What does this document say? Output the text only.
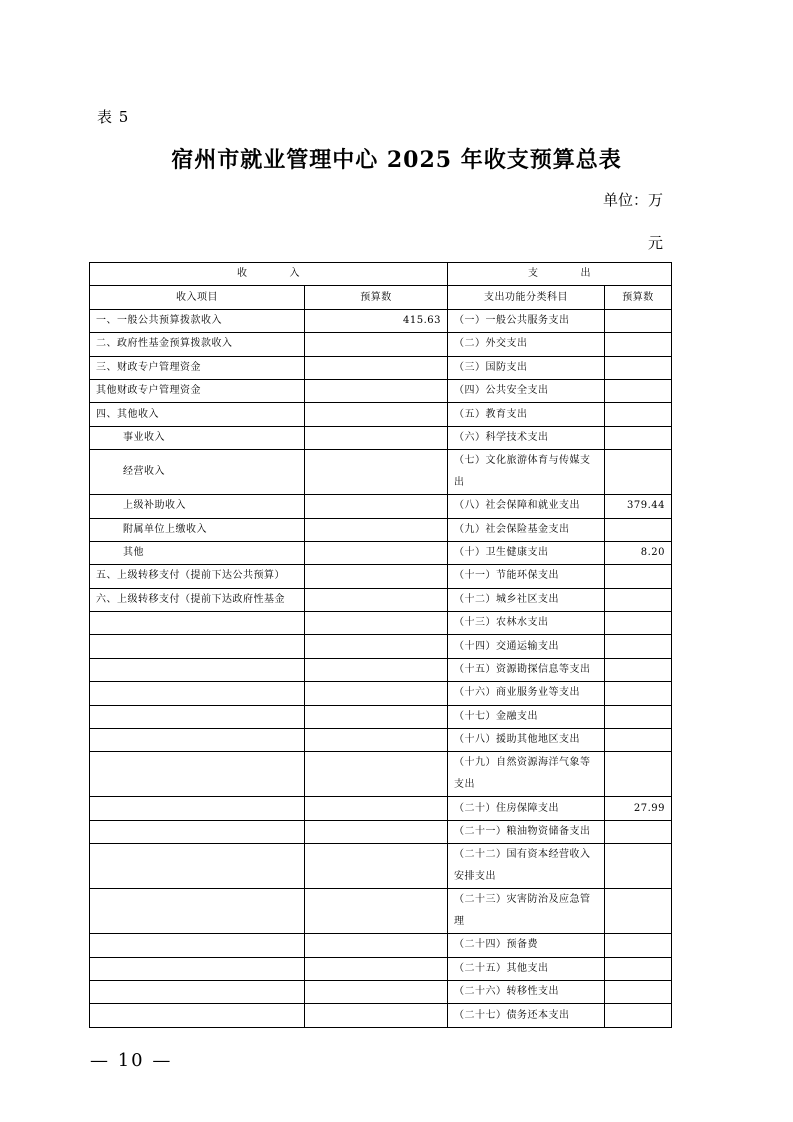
表 5
宿州市就业管理中心 2025 年收支预算总表
单位：万
元
收　　　　入		支　　　　出	
收入项目	预算数	支出功能分类科目	预算数
一、一般公共预算拨款收入	415.63	（一）一般公共服务支出	
二、政府性基金预算拨款收入		（二）外交支出	
三、财政专户管理资金		（三）国防支出	
其他财政专户管理资金		（四）公共安全支出	
四、其他收入		（五）教育支出	
事业收入		（六）科学技术支出	
经营收入		（七）文化旅游体育与传媒支出	
上级补助收入		（八）社会保障和就业支出	379.44
附属单位上缴收入		（九）社会保险基金支出	
其他		（十）卫生健康支出	8.20
五、上级转移支付（提前下达公共预算）		（十一）节能环保支出	
六、上级转移支付（提前下达政府性基金		（十二）城乡社区支出	
		（十三）农林水支出	
		（十四）交通运输支出	
		（十五）资源勘探信息等支出	
		（十六）商业服务业等支出	
		（十七）金融支出	
		（十八）援助其他地区支出	
		（十九）自然资源海洋气象等支出	
		（二十）住房保障支出	27.99
		（二十一）粮油物资储备支出	
		（二十二）国有资本经营收入安排支出	
		（二十三）灾害防治及应急管理	
		（二十四）预备费	
		（二十五）其他支出	
		（二十六）转移性支出	
		（二十七）债务还本支出	
— 10 —
